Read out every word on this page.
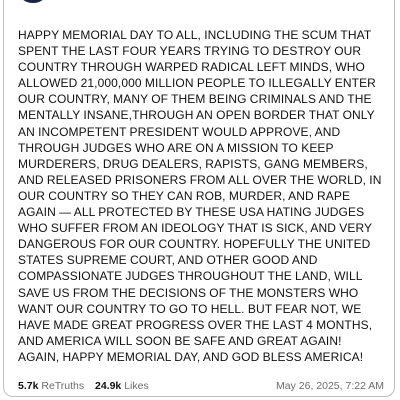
HAPPY MEMORIAL DAY TO ALL, INCLUDING THE SCUM THAT SPENT THE LAST FOUR YEARS TRYING TO DESTROY OUR COUNTRY THROUGH WARPED RADICAL LEFT MINDS, WHO ALLOWED 21,000,000 MILLION PEOPLE TO ILLEGALLY ENTER OUR COUNTRY, MANY OF THEM BEING CRIMINALS AND THE MENTALLY INSANE,THROUGH AN OPEN BORDER THAT ONLY AN INCOMPETENT PRESIDENT WOULD APPROVE, AND THROUGH JUDGES WHO ARE ON A MISSION TO KEEP MURDERERS, DRUG DEALERS, RAPISTS, GANG MEMBERS, AND RELEASED PRISONERS FROM ALL OVER THE WORLD, IN OUR COUNTRY SO THEY CAN ROB, MURDER, AND RAPE AGAIN — ALL PROTECTED BY THESE USA HATING JUDGES WHO SUFFER FROM AN IDEOLOGY THAT IS SICK, AND VERY DANGEROUS FOR OUR COUNTRY. HOPEFULLY THE UNITED STATES SUPREME COURT, AND OTHER GOOD AND COMPASSIONATE JUDGES THROUGHOUT THE LAND, WILL SAVE US FROM THE DECISIONS OF THE MONSTERS WHO WANT OUR COUNTRY TO GO TO HELL. BUT FEAR NOT, WE HAVE MADE GREAT PROGRESS OVER THE LAST 4 MONTHS, AND AMERICA WILL SOON BE SAFE AND GREAT AGAIN! AGAIN, HAPPY MEMORIAL DAY, AND GOD BLESS AMERICA!

5.7k ReTruths 24.9k Likes	May 26, 2025, 7:22 AM
